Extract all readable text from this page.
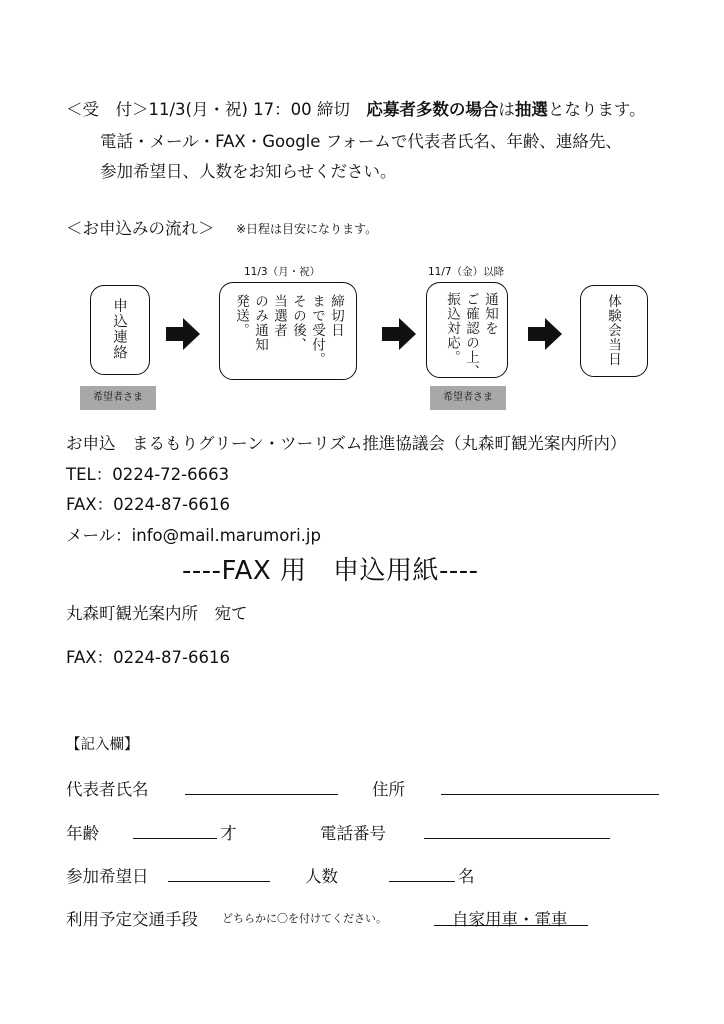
＜受　付＞11/3(月・祝) 17：00 締切　応募者多数の場合は抽選となります。
電話・メール・FAX・Google フォームで代表者氏名、年齢、連絡先、
参加希望日、人数をお知らせください。
＜お申込みの流れ＞ ※日程は目安になります。
11/3（月・祝）	11/7（金）以降
申込連絡
希望者さま
締切日
まで受付。
その後、
当選者
のみ通知
発送。	通知を
ご確認の上、
振込対応。
希望者さま
体験会当日
お申込　まるもりグリーン・ツーリズム推進協議会（丸森町観光案内所内）
TEL：0224-72-6663
FAX：0224-87-6616
メール：info@mail.marumori.jp
----FAX 用　申込用紙----
丸森町観光案内所　宛て
FAX：0224-87-6616
【記入欄】
代表者氏名	住所
年齢	才	電話番号
参加希望日	人数	名
利用予定交通手段 どちらかに〇を付けてください。	自家用車・電車
